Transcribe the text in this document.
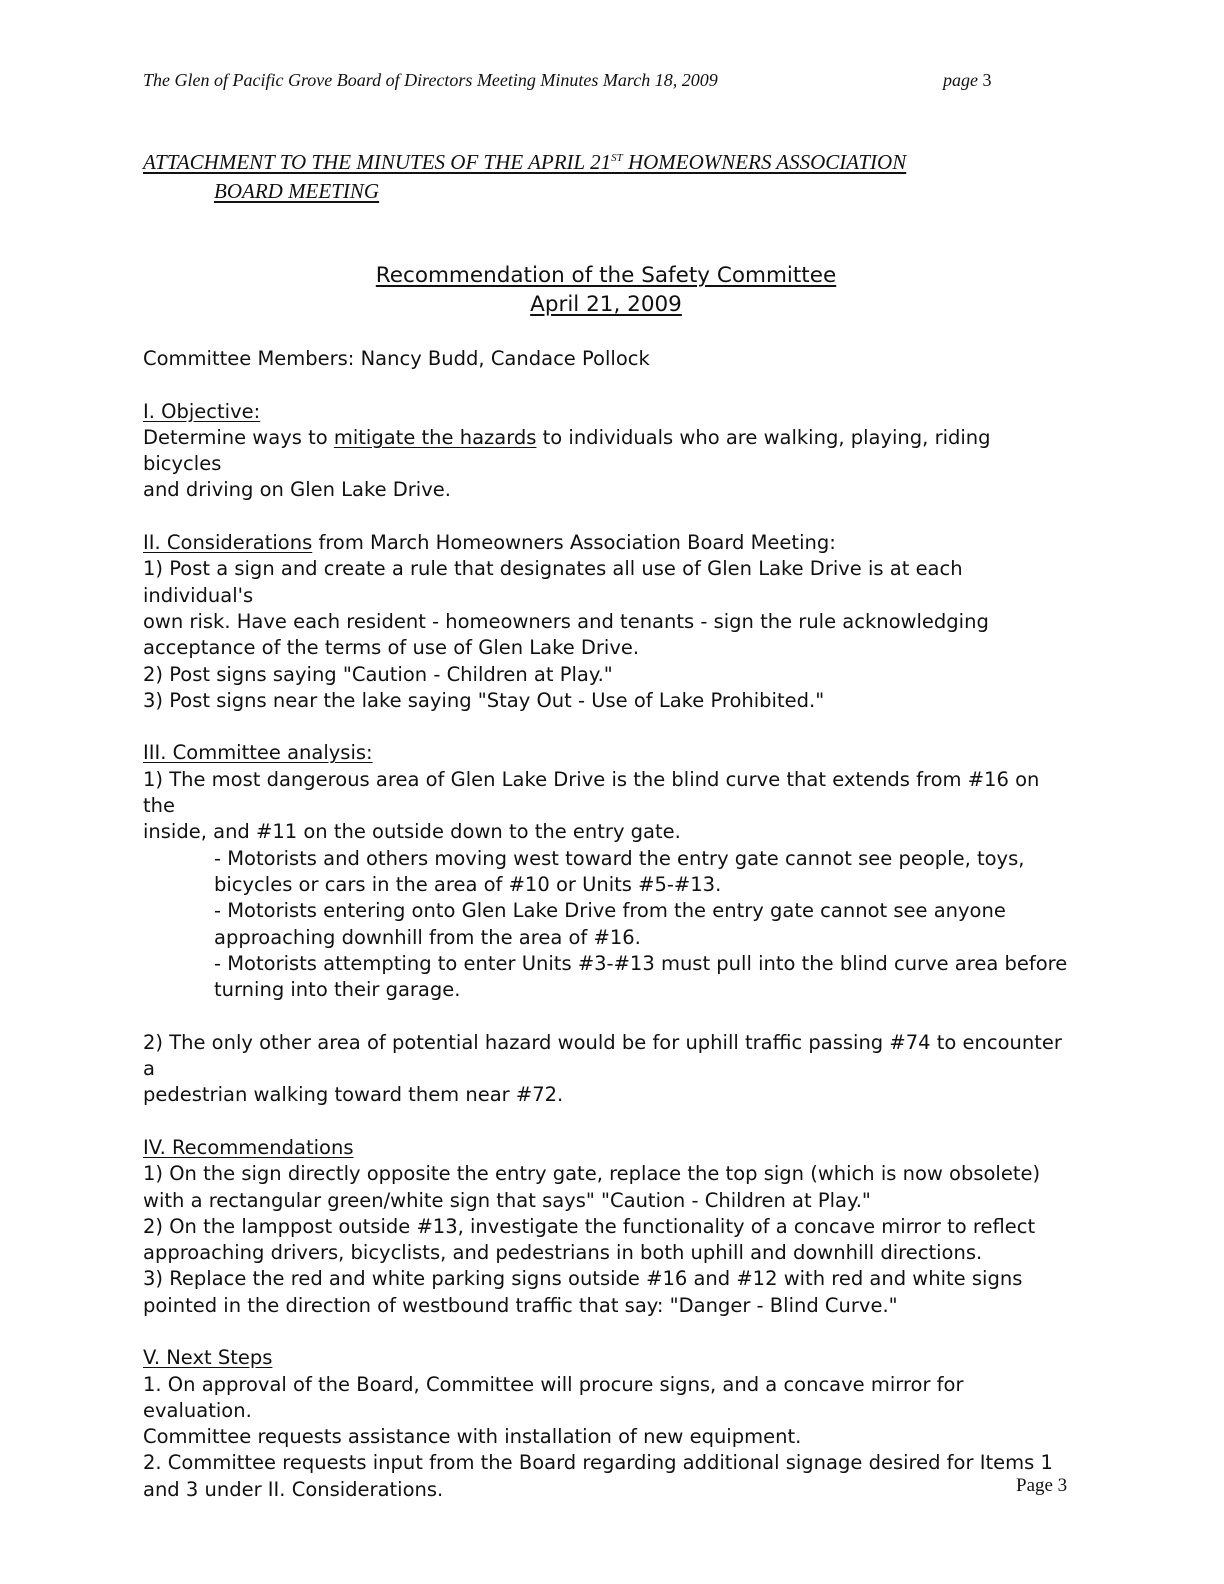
The Glen of Pacific Grove Board of Directors Meeting Minutes March 18, 2009	page 3
ATTACHMENT TO THE MINUTES OF THE APRIL 21ST HOMEOWNERS ASSOCIATION
BOARD MEETING
Recommendation of the Safety Committee
April 21, 2009
Committee Members: Nancy Budd, Candace Pollock
I. Objective:
Determine ways to mitigate the hazards to individuals who are walking, playing, riding bicycles
and driving on Glen Lake Drive.
II. Considerations from March Homeowners Association Board Meeting:
1) Post a sign and create a rule that designates all use of Glen Lake Drive is at each individual's
own risk. Have each resident - homeowners and tenants - sign the rule acknowledging
acceptance of the terms of use of Glen Lake Drive.
2) Post signs saying "Caution - Children at Play."
3) Post signs near the lake saying "Stay Out - Use of Lake Prohibited."
III. Committee analysis:
1) The most dangerous area of Glen Lake Drive is the blind curve that extends from #16 on the
inside, and #11 on the outside down to the entry gate.
- Motorists and others moving west toward the entry gate cannot see people, toys,
bicycles or cars in the area of #10 or Units #5-#13.
- Motorists entering onto Glen Lake Drive from the entry gate cannot see anyone
approaching downhill from the area of #16.
- Motorists attempting to enter Units #3-#13 must pull into the blind curve area before
turning into their garage.
2) The only other area of potential hazard would be for uphill traffic passing #74 to encounter a
pedestrian walking toward them near #72.
IV. Recommendations
1) On the sign directly opposite the entry gate, replace the top sign (which is now obsolete)
with a rectangular green/white sign that says" "Caution - Children at Play."
2) On the lamppost outside #13, investigate the functionality of a concave mirror to reflect
approaching drivers, bicyclists, and pedestrians in both uphill and downhill directions.
3) Replace the red and white parking signs outside #16 and #12 with red and white signs
pointed in the direction of westbound traffic that say: "Danger - Blind Curve."
V. Next Steps
1. On approval of the Board, Committee will procure signs, and a concave mirror for evaluation.
Committee requests assistance with installation of new equipment.
2. Committee requests input from the Board regarding additional signage desired for Items 1
and 3 under II. Considerations.	Page 3
